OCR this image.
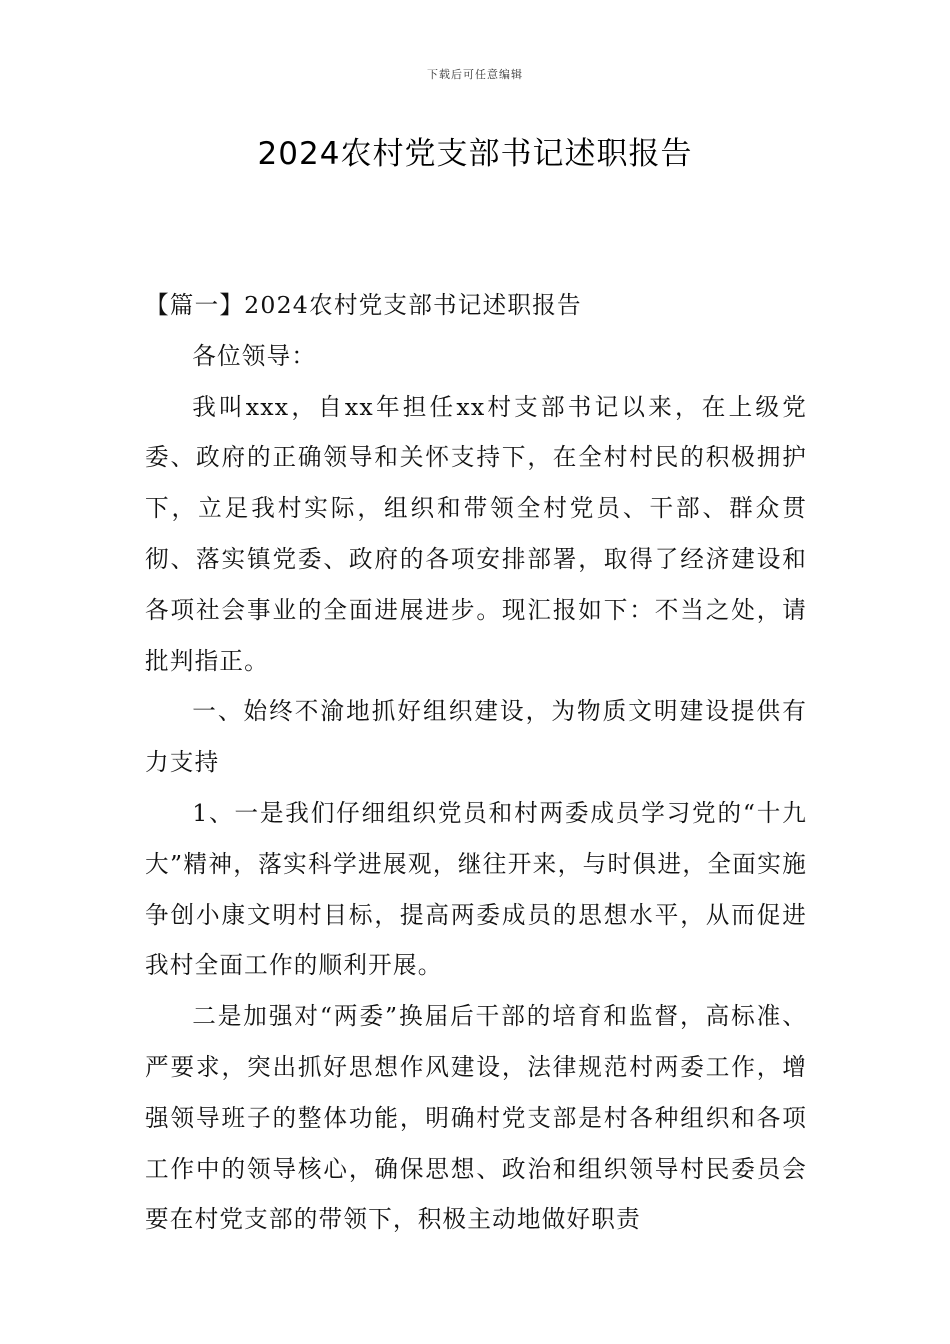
下载后可任意编辑
2024农村党支部书记述职报告

【篇一】2024农村党支部书记述职报告

各位领导：

我叫xxx，自xx年担任xx村支部书记以来，在上级党委、政府的正确领导和关怀支持下，在全村村民的积极拥护下，立足我村实际，组织和带领全村党员、干部、群众贯彻、落实镇党委、政府的各项安排部署，取得了经济建设和各项社会事业的全面进展进步。现汇报如下：不当之处，请批判指正。

一、始终不渝地抓好组织建设，为物质文明建设提供有力支持

1、一是我们仔细组织党员和村两委成员学习党的“十九大”精神，落实科学进展观，继往开来，与时俱进，全面实施争创小康文明村目标，提高两委成员的思想水平，从而促进我村全面工作的顺利开展。

二是加强对“两委”换届后干部的培育和监督，高标准、严要求，突出抓好思想作风建设，法律规范村两委工作，增强领导班子的整体功能，明确村党支部是村各种组织和各项工作中的领导核心，确保思想、政治和组织领导村民委员会要在村党支部的带领下，积极主动地做好职责
